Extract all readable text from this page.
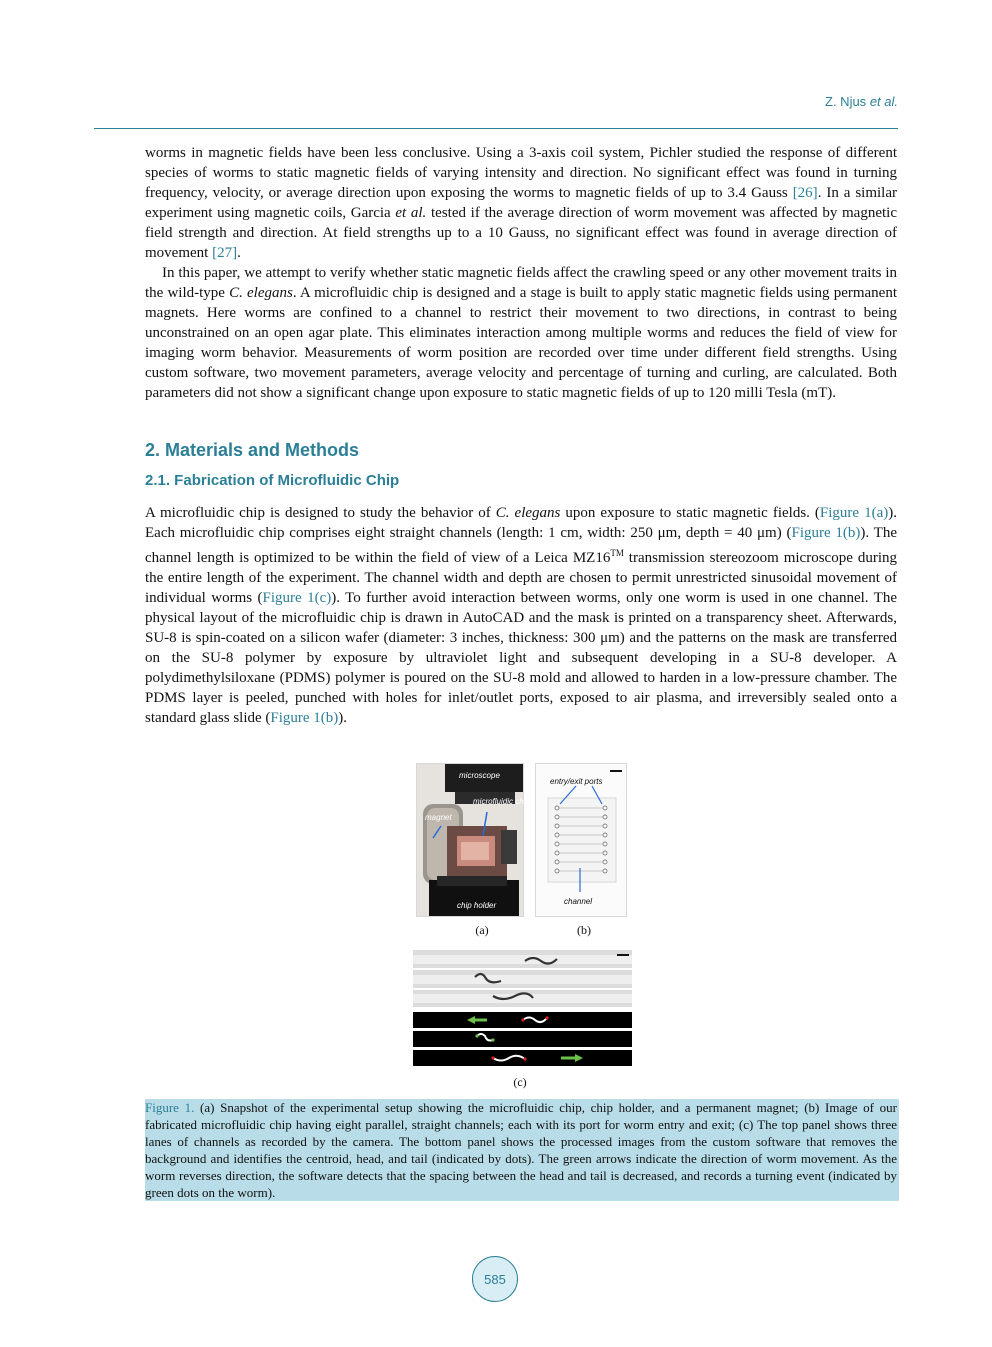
Z. Njus et al.

worms in magnetic fields have been less conclusive. Using a 3-axis coil system, Pichler studied the response of different species of worms to static magnetic fields of varying intensity and direction. No significant effect was found in turning frequency, velocity, or average direction upon exposing the worms to magnetic fields of up to 3.4 Gauss [26]. In a similar experiment using magnetic coils, Garcia et al. tested if the average direction of worm movement was affected by magnetic field strength and direction. At field strengths up to a 10 Gauss, no significant effect was found in average direction of movement [27].

In this paper, we attempt to verify whether static magnetic fields affect the crawling speed or any other movement traits in the wild-type C. elegans. A microfluidic chip is designed and a stage is built to apply static magnetic fields using permanent magnets. Here worms are confined to a channel to restrict their movement to two directions, in contrast to being unconstrained on an open agar plate. This eliminates interaction among multiple worms and reduces the field of view for imaging worm behavior. Measurements of worm position are recorded over time under different field strengths. Using custom software, two movement parameters, average velocity and percentage of turning and curling, are calculated. Both parameters did not show a significant change upon exposure to static magnetic fields of up to 120 milli Tesla (mT).

2. Materials and Methods
2.1. Fabrication of Microfluidic Chip

A microfluidic chip is designed to study the behavior of C. elegans upon exposure to static magnetic fields. (Figure 1(a)). Each microfluidic chip comprises eight straight channels (length: 1 cm, width: 250 μm, depth = 40 μm) (Figure 1(b)). The channel length is optimized to be within the field of view of a Leica MZ16™ transmission stereozoom microscope during the entire length of the experiment. The channel width and depth are chosen to permit unrestricted sinusoidal movement of individual worms (Figure 1(c)). To further avoid interaction between worms, only one worm is used in one channel. The physical layout of the microfluidic chip is drawn in AutoCAD and the mask is printed on a transparency sheet. Afterwards, SU-8 is spin-coated on a silicon wafer (diameter: 3 inches, thickness: 300 μm) and the patterns on the mask are transferred on the SU-8 polymer by exposure by ultraviolet light and subsequent developing in a SU-8 developer. A polydimethylsiloxane (PDMS) polymer is poured on the SU-8 mold and allowed to harden in a low-pressure chamber. The PDMS layer is peeled, punched with holes for inlet/outlet ports, exposed to air plasma, and irreversibly sealed onto a standard glass slide (Figure 1(b)).

microscope
microfluidic chip
magnet
chip holder
entry/exit ports
channel
(a)	(b)
(c)
Figure 1. (a) Snapshot of the experimental setup showing the microfluidic chip, chip holder, and a permanent magnet; (b) Image of our fabricated microfluidic chip having eight parallel, straight channels; each with its port for worm entry and exit; (c) The top panel shows three lanes of channels as recorded by the camera. The bottom panel shows the processed images from the custom software that removes the background and identifies the centroid, head, and tail (indicated by dots). The green arrows indicate the direction of worm movement. As the worm reverses direction, the software detects that the spacing between the head and tail is decreased, and records a turning event (indicated by green dots on the worm).
585
